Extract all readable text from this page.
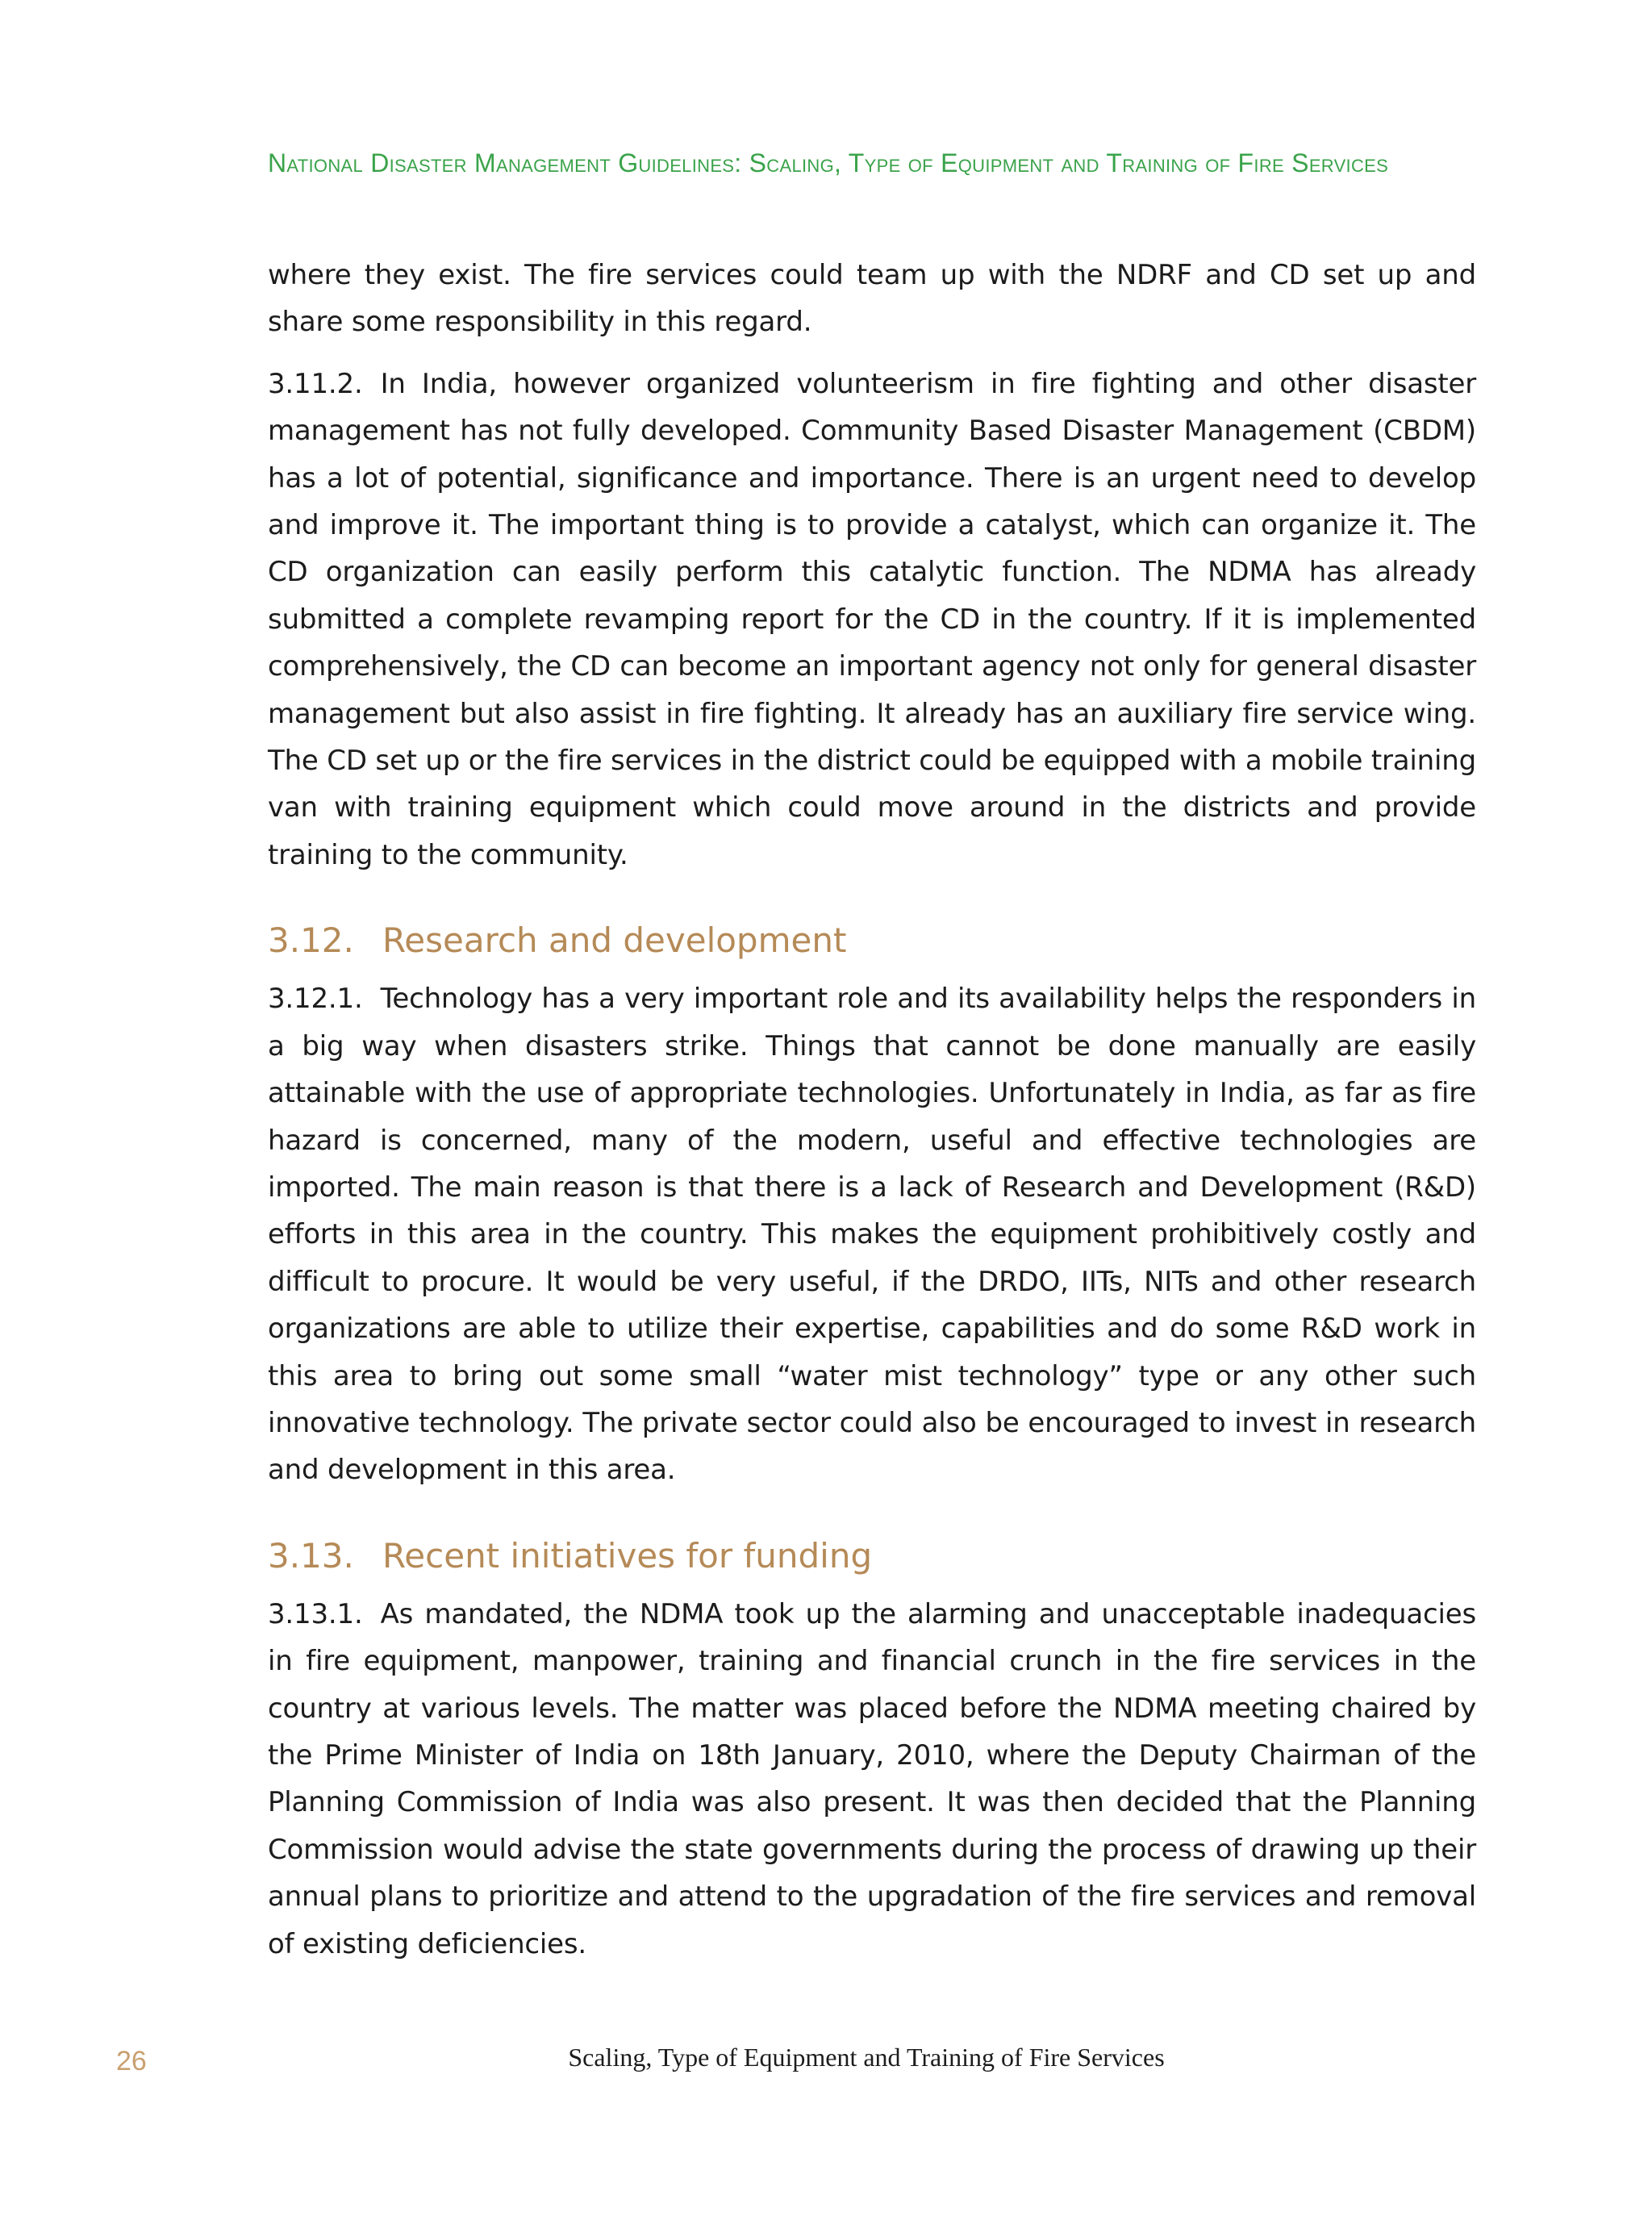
National Disaster Management Guidelines: Scaling, Type of Equipment and Training of Fire Services

where they exist. The fire services could team up with the NDRF and CD set up and share some responsibility in this regard.

3.11.2. In India, however organized volunteerism in fire fighting and other disaster management has not fully developed. Community Based Disaster Management (CBDM) has a lot of potential, significance and importance. There is an urgent need to develop and improve it. The important thing is to provide a catalyst, which can organize it. The CD organization can easily perform this catalytic function. The NDMA has already submitted a complete revamping report for the CD in the country. If it is implemented comprehensively, the CD can become an important agency not only for general disaster management but also assist in fire fighting. It already has an auxiliary fire service wing. The CD set up or the fire services in the district could be equipped with a mobile training van with training equipment which could move around in the districts and provide training to the community.

3.12. Research and development

3.12.1. Technology has a very important role and its availability helps the responders in a big way when disasters strike. Things that cannot be done manually are easily attainable with the use of appropriate technologies. Unfortunately in India, as far as fire hazard is concerned, many of the modern, useful and effective technologies are imported. The main reason is that there is a lack of Research and Development (R&D) efforts in this area in the country. This makes the equipment prohibitively costly and difficult to procure. It would be very useful, if the DRDO, IITs, NITs and other research organizations are able to utilize their expertise, capabilities and do some R&D work in this area to bring out some small “water mist technology” type or any other such innovative technology. The private sector could also be encouraged to invest in research and development in this area.

3.13. Recent initiatives for funding

3.13.1. As mandated, the NDMA took up the alarming and unacceptable inadequacies in fire equipment, manpower, training and financial crunch in the fire services in the country at various levels. The matter was placed before the NDMA meeting chaired by the Prime Minister of India on 18th January, 2010, where the Deputy Chairman of the Planning Commission of India was also present. It was then decided that the Planning Commission would advise the state governments during the process of drawing up their annual plans to prioritize and attend to the upgradation of the fire services and removal of existing deficiencies.

26	Scaling, Type of Equipment and Training of Fire Services
